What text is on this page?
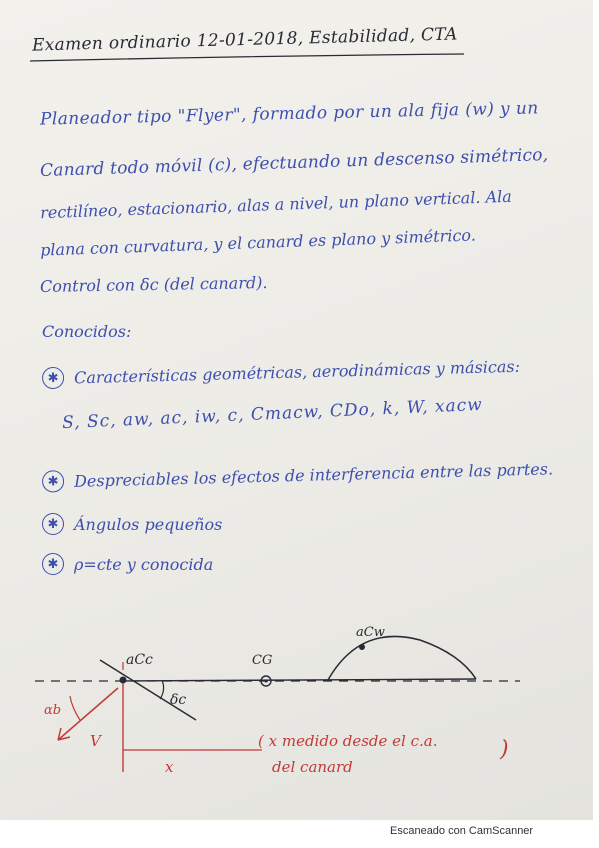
Examen ordinario 12-01-2018, Estabilidad, CTA
Planeador tipo "Flyer", formado por un ala fija (w) y un
Canard todo móvil (c), efectuando un descenso simétrico,
rectilíneo, estacionario, alas a nivel, un plano vertical. Ala
plana con curvatura, y el canard es plano y simétrico.
Control con δc (del canard).
Conocidos:
✱ Características geométricas, aerodinámicas y másicas:
S, Sc, aw, ac, iw, c, Cmacw, CDo, k, W, xacw
✱ Despreciables los efectos de interferencia entre las partes.
✱ Ángulos pequeños
✱ ρ=cte y conocida
aCc	CG
aCw
δc
αb
V
x
( x medido desde el c.a.
del canard
)
Escaneado con CamScanner
